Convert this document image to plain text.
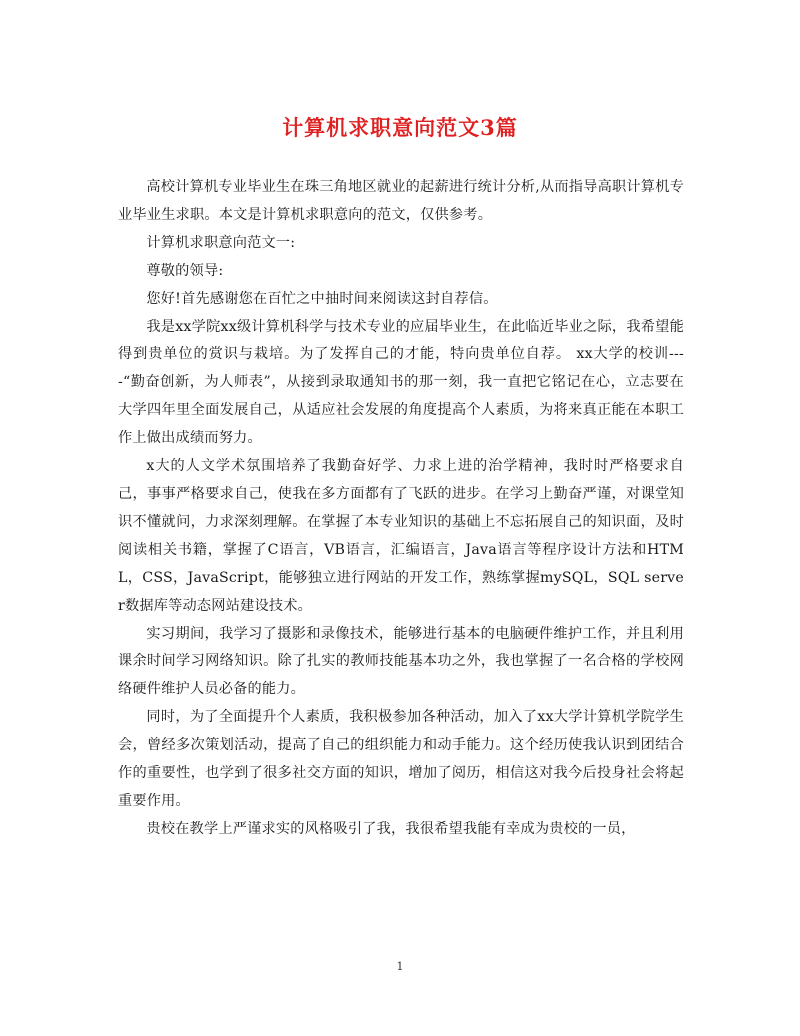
计算机求职意向范文3篇

高校计算机专业毕业生在珠三角地区就业的起薪进行统计分析,从而指导高职计算机专业毕业生求职。本文是计算机求职意向的范文，仅供参考。

计算机求职意向范文一:

尊敬的领导:

您好!首先感谢您在百忙之中抽时间来阅读这封自荐信。

我是xx学院xx级计算机科学与技术专业的应届毕业生，在此临近毕业之际，我希望能得到贵单位的赏识与栽培。为了发挥自己的才能，特向贵单位自荐。 xx大学的校训----“勤奋创新，为人师表”，从接到录取通知书的那一刻，我一直把它铭记在心，立志要在大学四年里全面发展自己，从适应社会发展的角度提高个人素质，为将来真正能在本职工作上做出成绩而努力。

x大的人文学术氛围培养了我勤奋好学、力求上进的治学精神，我时时严格要求自己，事事严格要求自己，使我在多方面都有了飞跃的进步。在学习上勤奋严谨，对课堂知识不懂就问，力求深刻理解。在掌握了本专业知识的基础上不忘拓展自己的知识面，及时阅读相关书籍，掌握了C语言，VB语言，汇编语言，Java语言等程序设计方法和HTML，CSS，JavaScript，能够独立进行网站的开发工作，熟练掌握mySQL，SQL server数据库等动态网站建设技术。

实习期间，我学习了摄影和录像技术，能够进行基本的电脑硬件维护工作，并且利用课余时间学习网络知识。除了扎实的教师技能基本功之外，我也掌握了一名合格的学校网络硬件维护人员必备的能力。

同时，为了全面提升个人素质，我积极参加各种活动，加入了xx大学计算机学院学生会，曾经多次策划活动，提高了自己的组织能力和动手能力。这个经历使我认识到团结合作的重要性，也学到了很多社交方面的知识，增加了阅历，相信这对我今后投身社会将起重要作用。

贵校在教学上严谨求实的风格吸引了我，我很希望我能有幸成为贵校的一员，

1
